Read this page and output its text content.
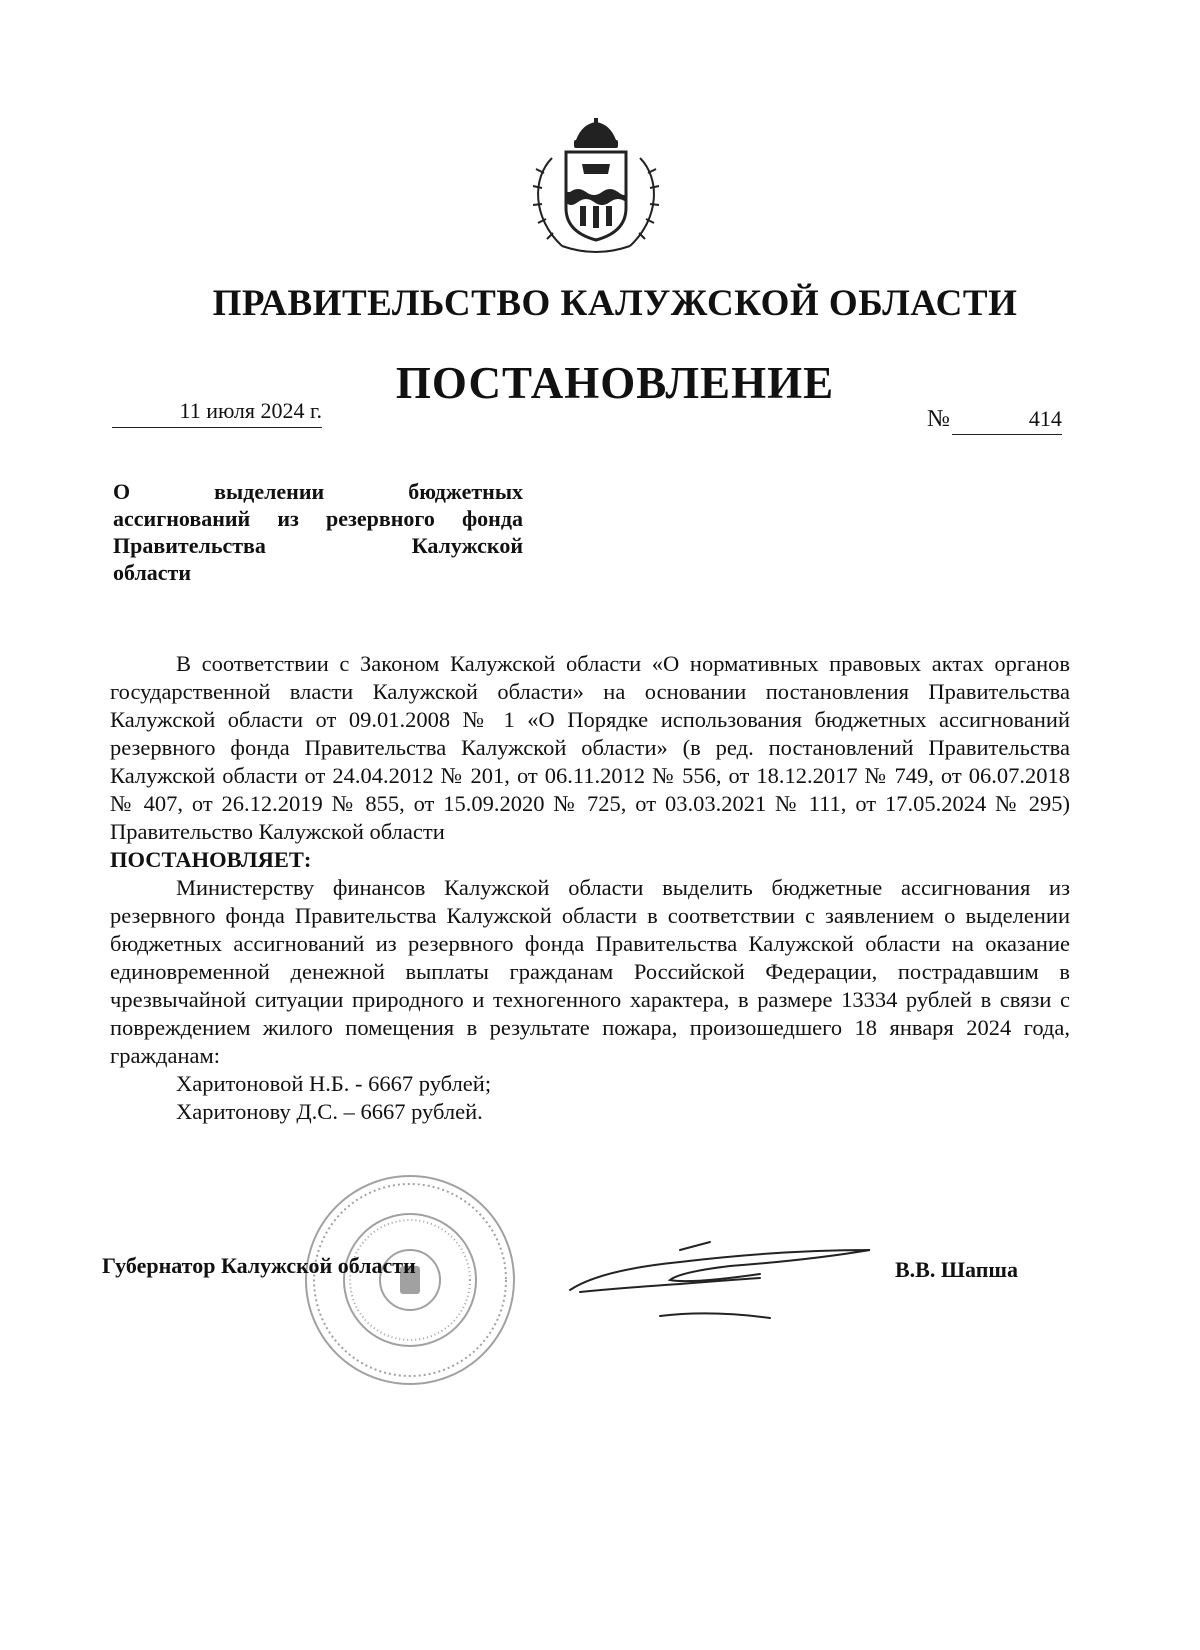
ПРАВИТЕЛЬСТВО КАЛУЖСКОЙ ОБЛАСТИ
ПОСТАНОВЛЕНИЕ
11 июля 2024 г.	№	414
О выделении бюджетных
ассигнований из резервного фонда
Правительства Калужской
области

В соответствии с Законом Калужской области «О нормативных правовых актах органов государственной власти Калужской области» на основании постановления Правительства Калужской области от 09.01.2008 № 1 «О Порядке использования бюджетных ассигнований резервного фонда Правительства Калужской области» (в ред. постановлений Правительства Калужской области от 24.04.2012 № 201, от 06.11.2012 № 556, от 18.12.2017 № 749, от 06.07.2018 № 407, от 26.12.2019 № 855, от 15.09.2020 № 725, от 03.03.2021 № 111, от 17.05.2024 № 295) Правительство Калужской области

ПОСТАНОВЛЯЕТ:

Министерству финансов Калужской области выделить бюджетные ассигнования из резервного фонда Правительства Калужской области в соответствии с заявлением о выделении бюджетных ассигнований из резервного фонда Правительства Калужской области на оказание единовременной денежной выплаты гражданам Российской Федерации, пострадавшим в чрезвычайной ситуации природного и техногенного характера, в размере 13334 рублей в связи с повреждением жилого помещения в результате пожара, произошедшего 18 января 2024 года, гражданам:

Харитоновой Н.Б. - 6667 рублей;

Харитонову Д.С. – 6667 рублей.

Губернатор Калужской области	В.В. Шапша
